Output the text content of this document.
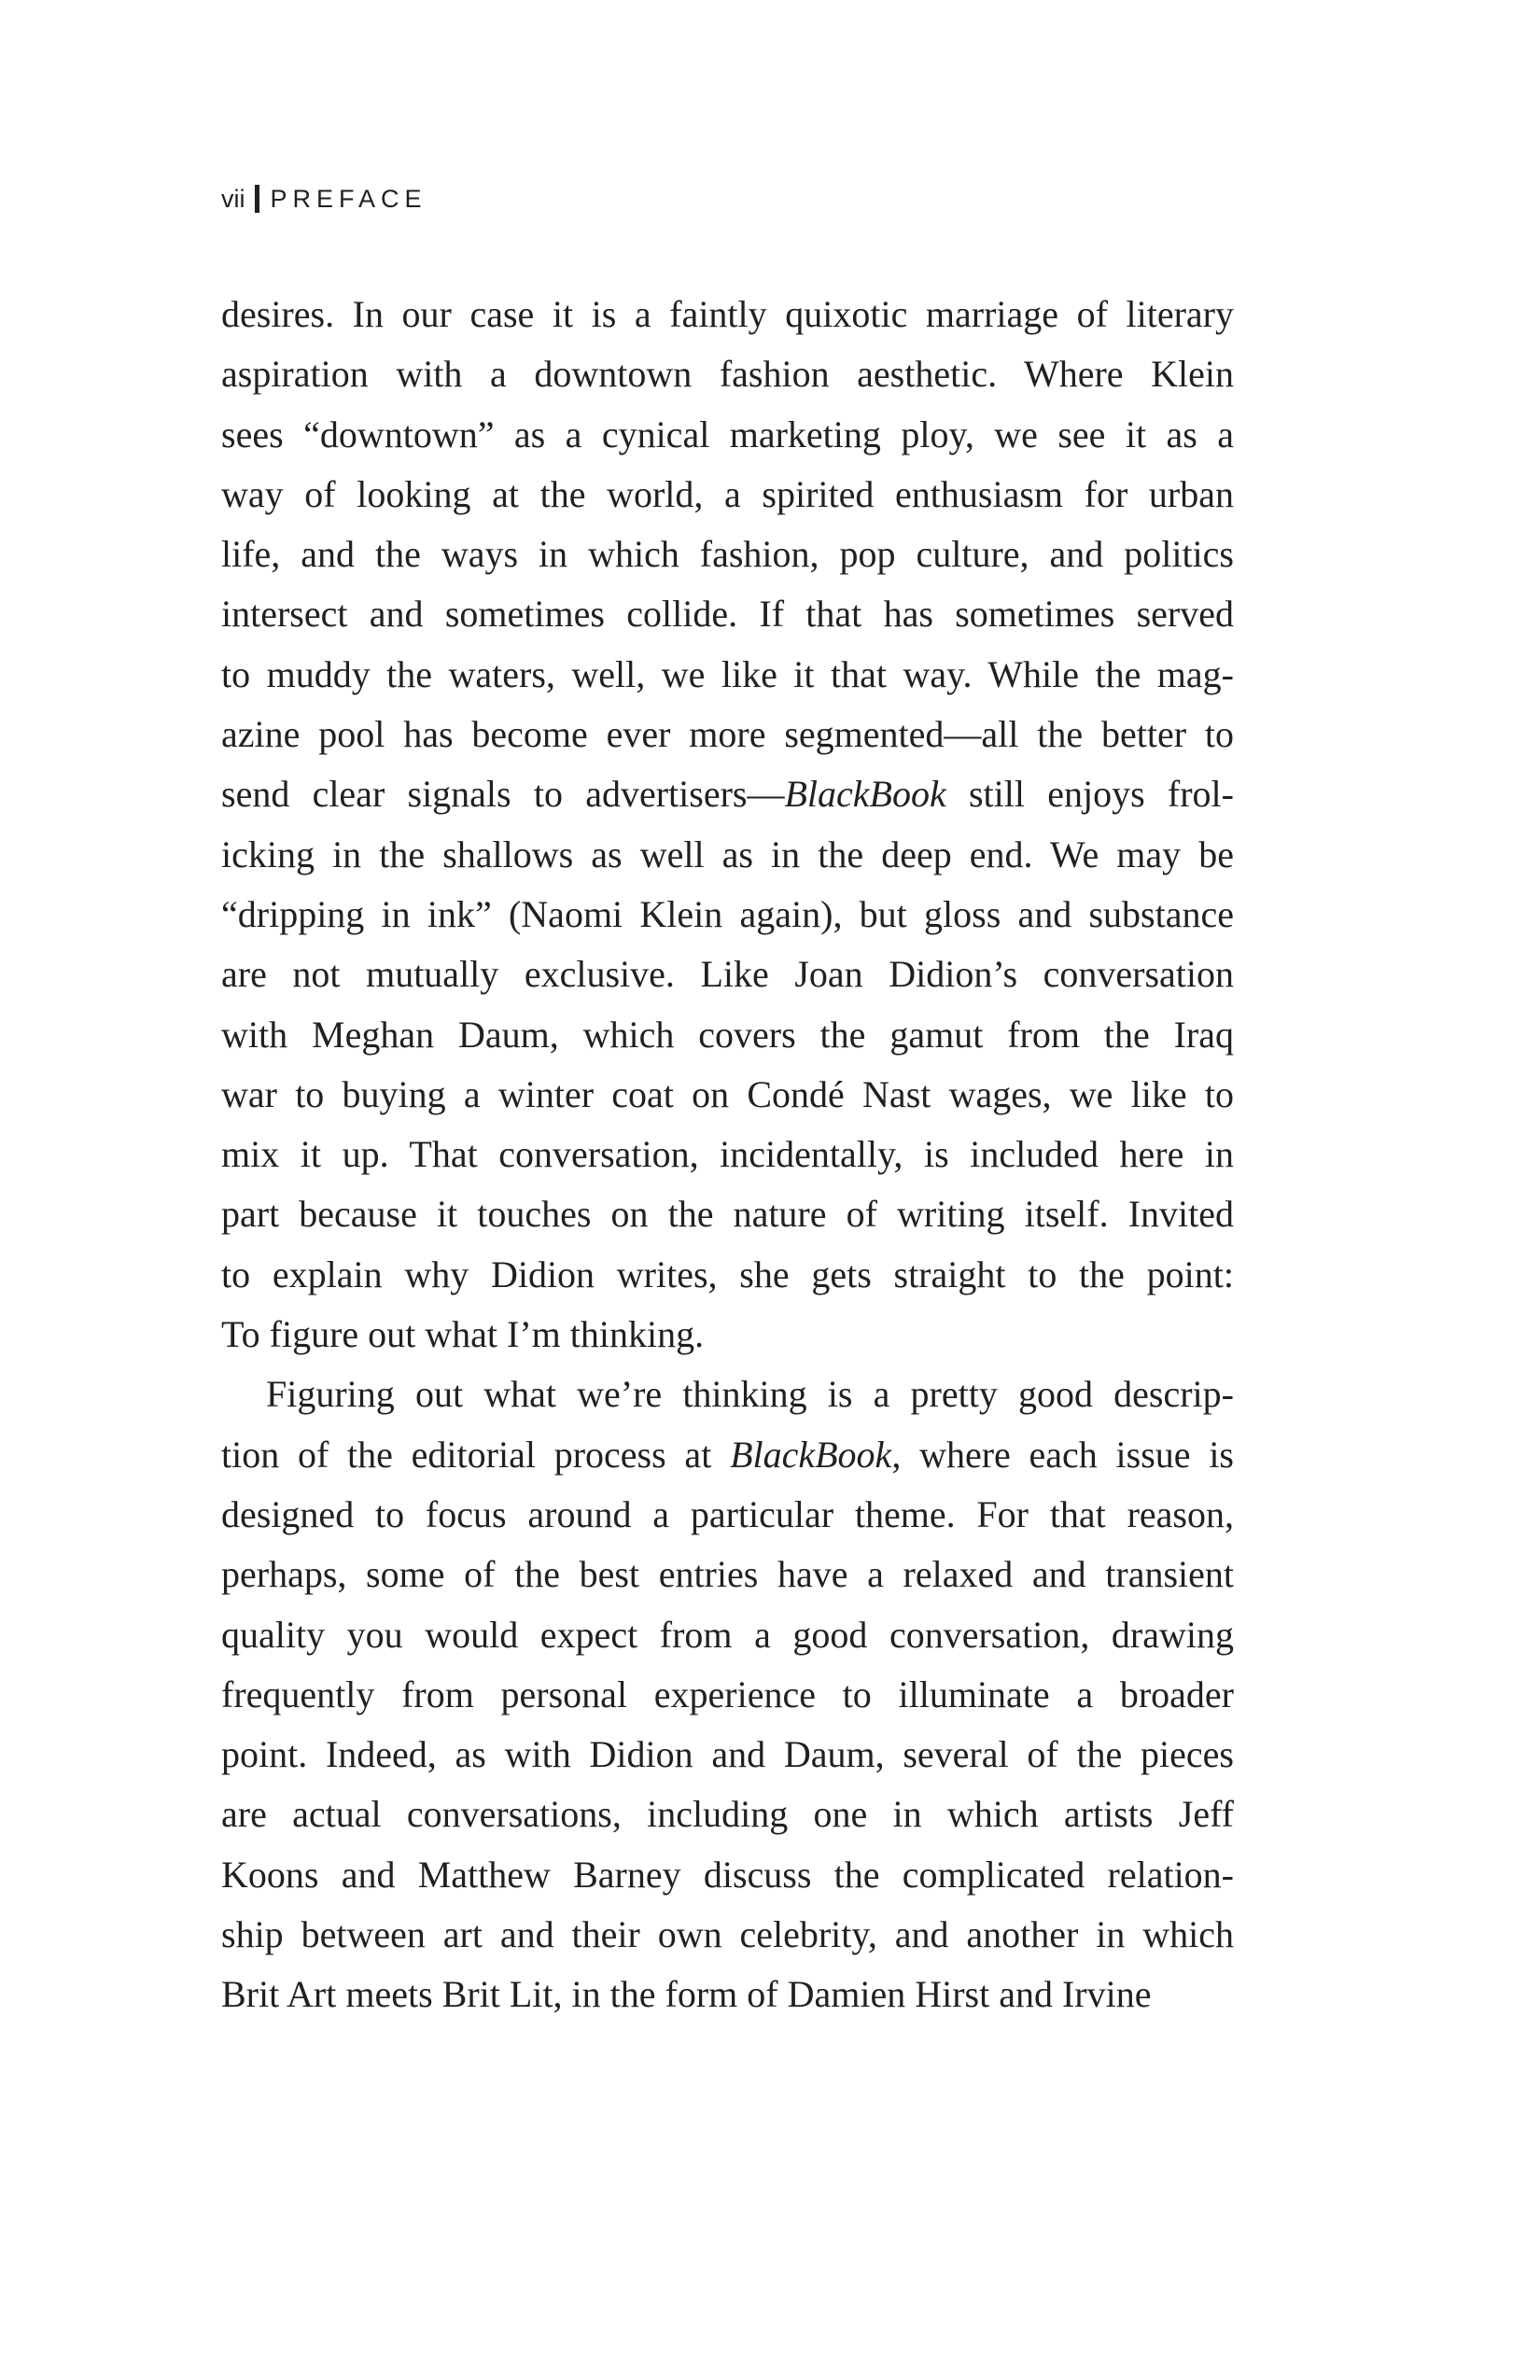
vii PREFACE
desires. In our case it is a faintly quixotic marriage of literary
aspiration with a downtown fashion aesthetic. Where Klein
sees “downtown” as a cynical marketing ploy, we see it as a
way of looking at the world, a spirited enthusiasm for urban
life, and the ways in which fashion, pop culture, and politics
intersect and sometimes collide. If that has sometimes served
to muddy the waters, well, we like it that way. While the mag-
azine pool has become ever more segmented—all the better to
send clear signals to advertisers—BlackBook still enjoys frol-
icking in the shallows as well as in the deep end. We may be
“dripping in ink” (Naomi Klein again), but gloss and substance
are not mutually exclusive. Like Joan Didion’s conversation
with Meghan Daum, which covers the gamut from the Iraq
war to buying a winter coat on Condé Nast wages, we like to
mix it up. That conversation, incidentally, is included here in
part because it touches on the nature of writing itself. Invited
to explain why Didion writes, she gets straight to the point:
To figure out what I’m thinking.
Figuring out what we’re thinking is a pretty good descrip-
tion of the editorial process at BlackBook, where each issue is
designed to focus around a particular theme. For that reason,
perhaps, some of the best entries have a relaxed and transient
quality you would expect from a good conversation, drawing
frequently from personal experience to illuminate a broader
point. Indeed, as with Didion and Daum, several of the pieces
are actual conversations, including one in which artists Jeff
Koons and Matthew Barney discuss the complicated relation-
ship between art and their own celebrity, and another in which
Brit Art meets Brit Lit, in the form of Damien Hirst and Irvine
